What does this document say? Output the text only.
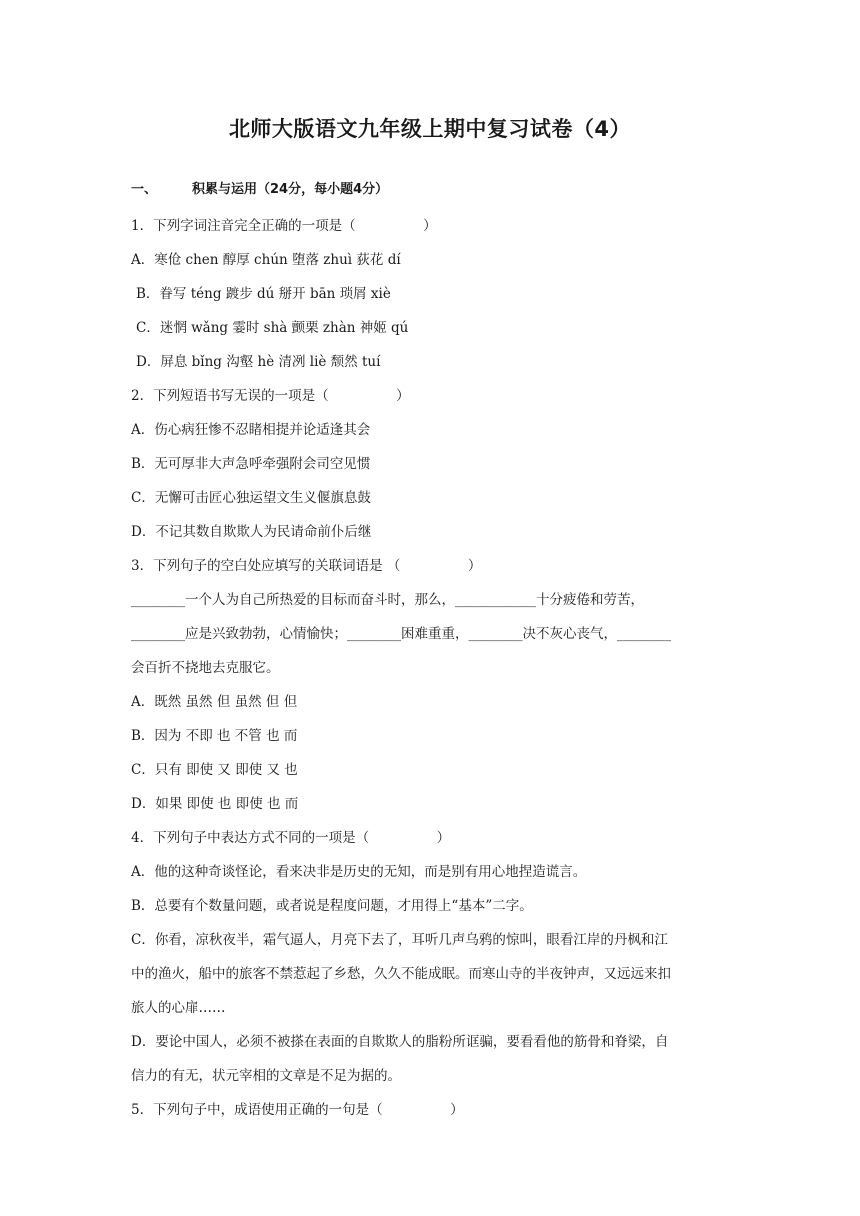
北师大版语文九年级上期中复习试卷（4）
一、	积累与运用（24分，每小题4分）
1．下列字词注音完全正确的一项是（　　　　　）
A．寒伧 chen 醇厚 chún 堕落 zhuì 荻花 dí
B．眷写 téng 踱步 dú 掰开 bān 琐屑 xiè
C．迷惘 wǎng 霎时 shà 颤栗 zhàn 神姬 qú
D．屏息 bǐng 沟壑 hè 清冽 liè 颓然 tuí
2．下列短语书写无误的一项是（　　　　　）
A．伤心病狂惨不忍睹相提并论适逢其会
B．无可厚非大声急呼牵强附会司空见惯
C．无懈可击匠心独运望文生义偃旗息鼓
D．不记其数自欺欺人为民请命前仆后继
3．下列句子的空白处应填写的关联词语是 （　　　　　）
________一个人为自己所热爱的目标而奋斗时，那么，____________十分疲倦和劳苦，
________应是兴致勃勃，心情愉快；________困难重重，________决不灰心丧气，________
会百折不挠地去克服它。
A．既然 虽然 但 虽然 但 但
B．因为 不即 也 不管 也 而
C．只有 即使 又 即使 又 也
D．如果 即使 也 即使 也 而
4．下列句子中表达方式不同的一项是（　　　　　）
A．他的这种奇谈怪论，看来决非是历史的无知，而是别有用心地捏造谎言。
B．总要有个数量问题，或者说是程度问题，才用得上“基本”二字。
C．你看，凉秋夜半，霜气逼人，月亮下去了，耳听几声乌鸦的惊叫，眼看江岸的丹枫和江
中的渔火，船中的旅客不禁惹起了乡愁，久久不能成眠。而寒山寺的半夜钟声，又远远来扣
旅人的心扉……
D．要论中国人，必须不被搽在表面的自欺欺人的脂粉所诓骗，要看看他的筋骨和脊梁，自
信力的有无，状元宰相的文章是不足为据的。
5．下列句子中，成语使用正确的一句是（　　　　　）
